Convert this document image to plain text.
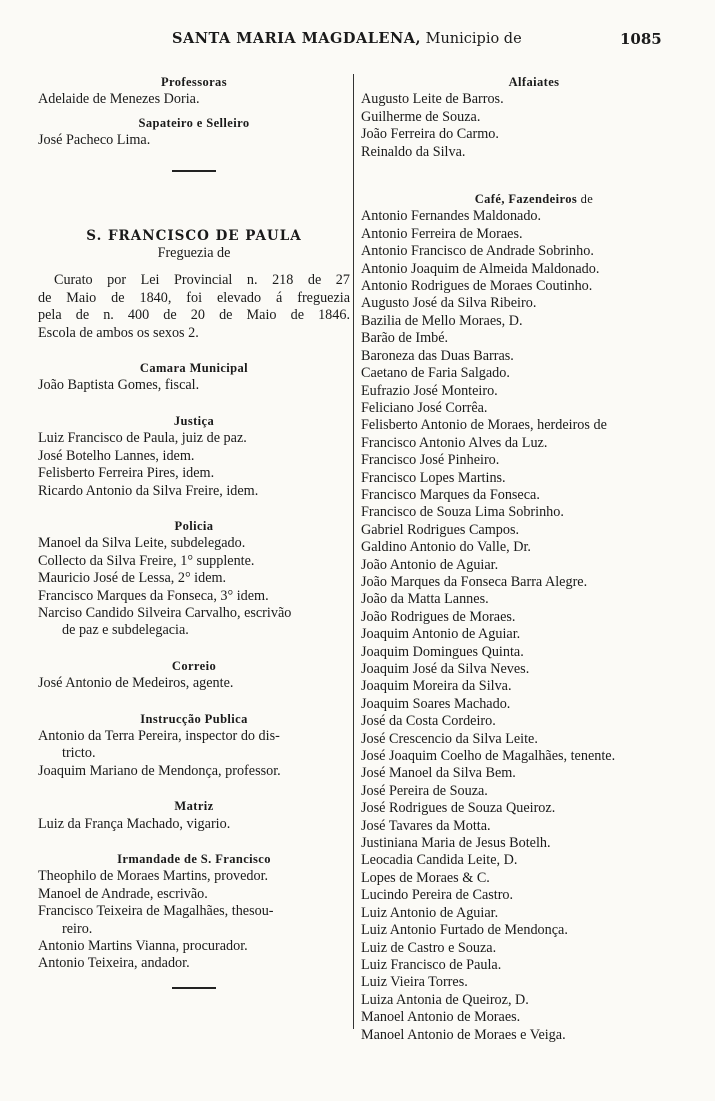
SANTA MARIA MAGDALENA, Municipio de	1085
Professoras
Adelaide de Menezes Doria.
Sapateiro e Selleiro
José Pacheco Lima.
S. FRANCISCO DE PAULA
Freguezia de
Curato por Lei Provincial n. 218 de 27
de Maio de 1840, foi elevado á freguezia
pela de n. 400 de 20 de Maio de 1846.
Escola de ambos os sexos 2.
Camara Municipal
João Baptista Gomes, fiscal.
Justiça
Luiz Francisco de Paula, juiz de paz.
José Botelho Lannes, idem.
Felisberto Ferreira Pires, idem.
Ricardo Antonio da Silva Freire, idem.
Policia
Manoel da Silva Leite, subdelegado.
Collecto da Silva Freire, 1° supplente.
Mauricio José de Lessa, 2° idem.
Francisco Marques da Fonseca, 3° idem.
Narciso Candido Silveira Carvalho, escrivão
de paz e subdelegacia.
Correio
José Antonio de Medeiros, agente.
Instrucção Publica
Antonio da Terra Pereira, inspector do dis-
tricto.
Joaquim Mariano de Mendonça, professor.
Matriz
Luiz da França Machado, vigario.
Irmandade de S. Francisco
Theophilo de Moraes Martins, provedor.
Manoel de Andrade, escrivão.
Francisco Teixeira de Magalhães, thesou-
reiro.
Antonio Martins Vianna, procurador.
Antonio Teixeira, andador.
Alfaiates
Augusto Leite de Barros.
Guilherme de Souza.
João Ferreira do Carmo.
Reinaldo da Silva.
Café, Fazendeiros de
Antonio Fernandes Maldonado.
Antonio Ferreira de Moraes.
Antonio Francisco de Andrade Sobrinho.
Antonio Joaquim de Almeida Maldonado.
Antonio Rodrigues de Moraes Coutinho.
Augusto José da Silva Ribeiro.
Bazilia de Mello Moraes, D.
Barão de Imbé.
Baroneza das Duas Barras.
Caetano de Faria Salgado.
Eufrazio José Monteiro.
Feliciano José Corrêa.
Felisberto Antonio de Moraes, herdeiros de
Francisco Antonio Alves da Luz.
Francisco José Pinheiro.
Francisco Lopes Martins.
Francisco Marques da Fonseca.
Francisco de Souza Lima Sobrinho.
Gabriel Rodrigues Campos.
Galdino Antonio do Valle, Dr.
João Antonio de Aguiar.
João Marques da Fonseca Barra Alegre.
João da Matta Lannes.
João Rodrigues de Moraes.
Joaquim Antonio de Aguiar.
Joaquim Domingues Quinta.
Joaquim José da Silva Neves.
Joaquim Moreira da Silva.
Joaquim Soares Machado.
José da Costa Cordeiro.
José Crescencio da Silva Leite.
José Joaquim Coelho de Magalhães, tenente.
José Manoel da Silva Bem.
José Pereira de Souza.
José Rodrigues de Souza Queiroz.
José Tavares da Motta.
Justiniana Maria de Jesus Botelh.
Leocadia Candida Leite, D.
Lopes de Moraes & C.
Lucindo Pereira de Castro.
Luiz Antonio de Aguiar.
Luiz Antonio Furtado de Mendonça.
Luiz de Castro e Souza.
Luiz Francisco de Paula.
Luiz Vieira Torres.
Luiza Antonia de Queiroz, D.
Manoel Antonio de Moraes.
Manoel Antonio de Moraes e Veiga.
